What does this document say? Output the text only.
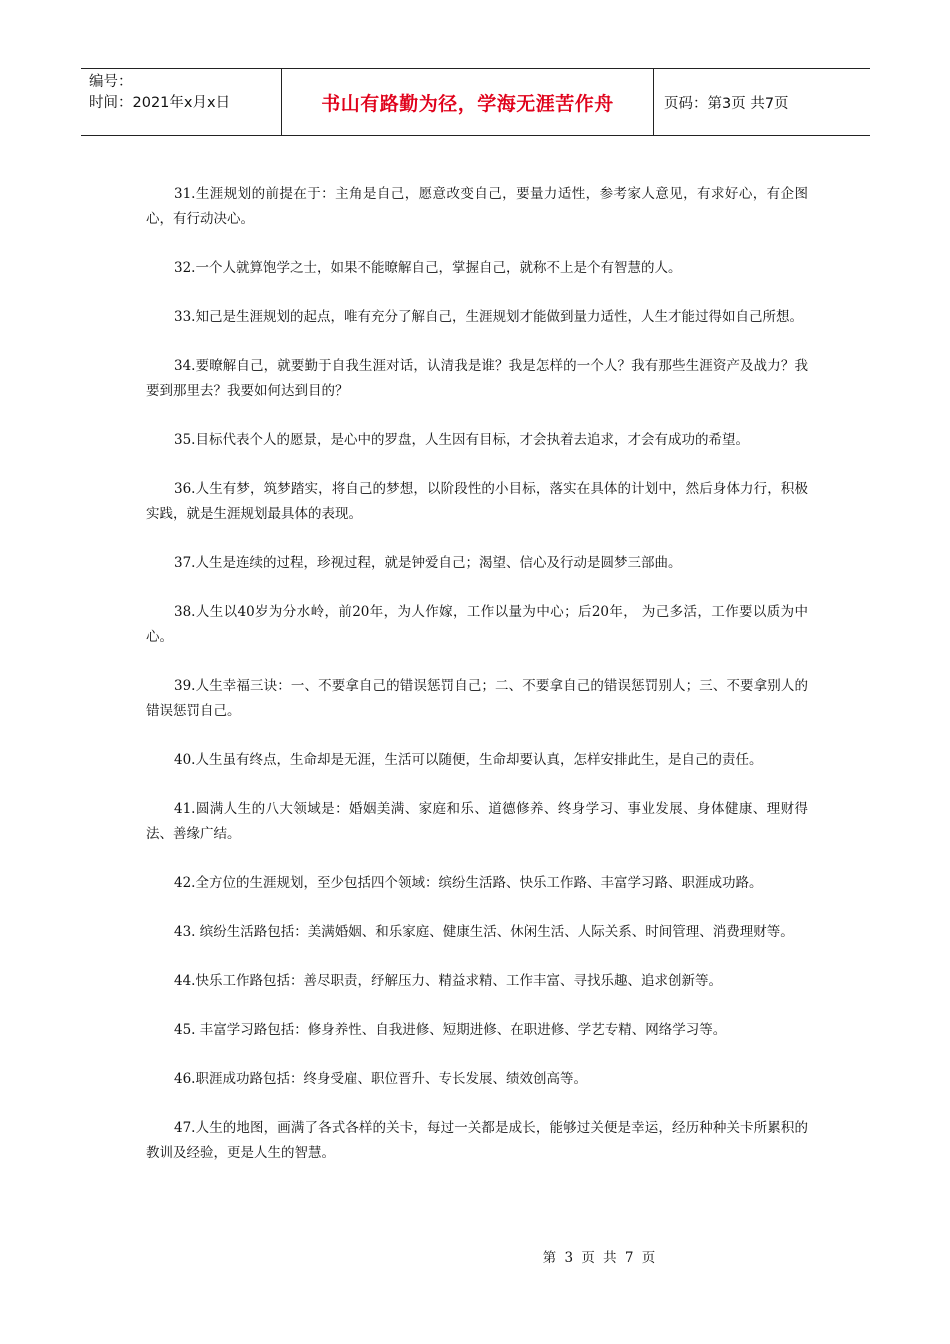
编号：
时间：2021年x月x日	书山有路勤为径，学海无涯苦作舟	页码：第3页 共7页

31.生涯规划的前提在于：主角是自己，愿意改变自己，要量力适性，参考家人意见，有求好心，有企图心，有行动决心。

32.一个人就算饱学之士，如果不能暸解自己，掌握自己，就称不上是个有智慧的人。

33.知己是生涯规划的起点，唯有充分了解自己，生涯规划才能做到量力适性，人生才能过得如自己所想。

34.要暸解自己，就要勤于自我生涯对话，认清我是谁？我是怎样的一个人？我有那些生涯资产及战力？我要到那里去？我要如何达到目的？

35.目标代表个人的愿景，是心中的罗盘，人生因有目标，才会执着去追求，才会有成功的希望。

36.人生有梦，筑梦踏实，将自己的梦想，以阶段性的小目标，落实在具体的计划中，然后身体力行，积极实践，就是生涯规划最具体的表现。

37.人生是连续的过程，珍视过程，就是钟爱自己；渴望、信心及行动是圆梦三部曲。

38.人生以40岁为分水岭，前20年，为人作嫁，工作以量为中心；后20年， 为己多活，工作要以质为中心。

39.人生幸福三诀：一、不要拿自己的错误惩罚自己；二、不要拿自己的错误惩罚别人；三、不要拿别人的错误惩罚自己。

40.人生虽有终点，生命却是无涯，生活可以随便，生命却要认真，怎样安排此生，是自己的责任。

41.圆满人生的八大领域是：婚姻美满、家庭和乐、道德修养、终身学习、事业发展、身体健康、理财得法、善缘广结。

42.全方位的生涯规划，至少包括四个领域：缤纷生活路、快乐工作路、丰富学习路、职涯成功路。

43. 缤纷生活路包括：美满婚姻、和乐家庭、健康生活、休闲生活、人际关系、时间管理、消费理财等。

44.快乐工作路包括：善尽职责，纾解压力、精益求精、工作丰富、寻找乐趣、追求创新等。

45. 丰富学习路包括：修身养性、自我进修、短期进修、在职进修、学艺专精、网络学习等。

46.职涯成功路包括：终身受雇、职位晋升、专长发展、绩效创高等。

47.人生的地图，画满了各式各样的关卡，每过一关都是成长，能够过关便是幸运，经历种种关卡所累积的教训及经验，更是人生的智慧。

第 3 页 共 7 页
